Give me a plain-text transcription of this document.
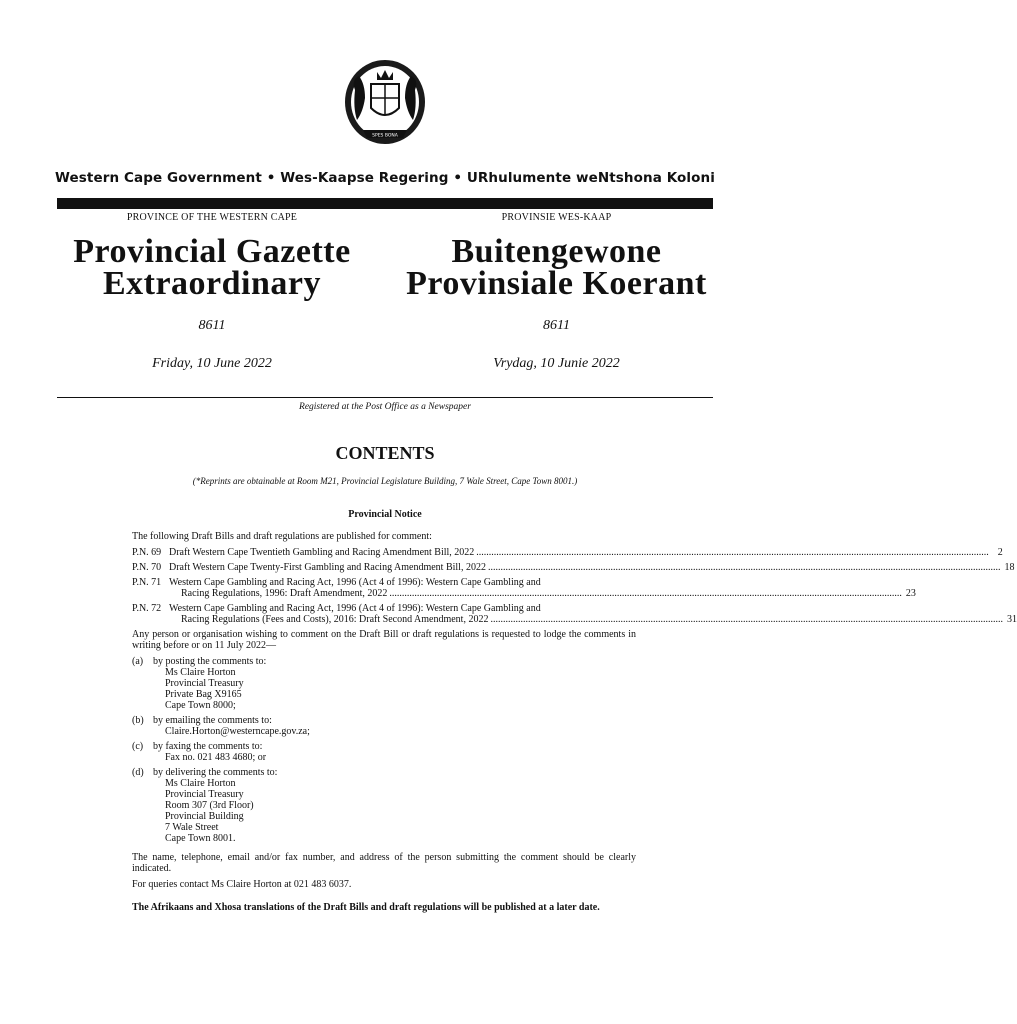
SPES BONA
Western Cape Government • Wes-Kaapse Regering • URhulumente weNtshona Koloni
PROVINCE OF THE WESTERN CAPE
Provincial Gazette
Extraordinary
8611
Friday, 10 June 2022
PROVINSIE WES-KAAP
Buitengewone
Provinsiale Koerant
8611
Vrydag, 10 Junie 2022
Registered at the Post Office as a Newspaper
CONTENTS
(*Reprints are obtainable at Room M21, Provincial Legislature Building, 7 Wale Street, Cape Town 8001.)
Provincial Notice

The following Draft Bills and draft regulations are published for comment:

P.N. 69 Draft Western Cape Twentieth Gambling and Racing Amendment Bill, 2022 .....	2
P.N. 70 Draft Western Cape Twenty-First Gambling and Racing Amendment Bill, 2022 .....	18
P.N. 71 Western Cape Gambling and Racing Act, 1996 (Act 4 of 1996): Western Cape Gambling and
Racing Regulations, 1996: Draft Amendment, 2022 .....	23
P.N. 72 Western Cape Gambling and Racing Act, 1996 (Act 4 of 1996): Western Cape Gambling and
Racing Regulations (Fees and Costs), 2016: Draft Second Amendment, 2022 .....	31

Any person or organisation wishing to comment on the Draft Bill or draft regulations is requested to lodge the comments in writing before or on 11 July 2022—

(a) by posting the comments to:
Ms Claire Horton
Provincial Treasury
Private Bag X9165
Cape Town 8000;
(b) by emailing the comments to:
Claire.Horton@westerncape.gov.za;
(c) by faxing the comments to:
Fax no. 021 483 4680; or
(d) by delivering the comments to:
Ms Claire Horton
Provincial Treasury
Room 307 (3rd Floor)
Provincial Building
7 Wale Street
Cape Town 8001.

The name, telephone, email and/or fax number, and address of the person submitting the comment should be clearly indicated.

For queries contact Ms Claire Horton at 021 483 6037.

The Afrikaans and Xhosa translations of the Draft Bills and draft regulations will be published at a later date.
